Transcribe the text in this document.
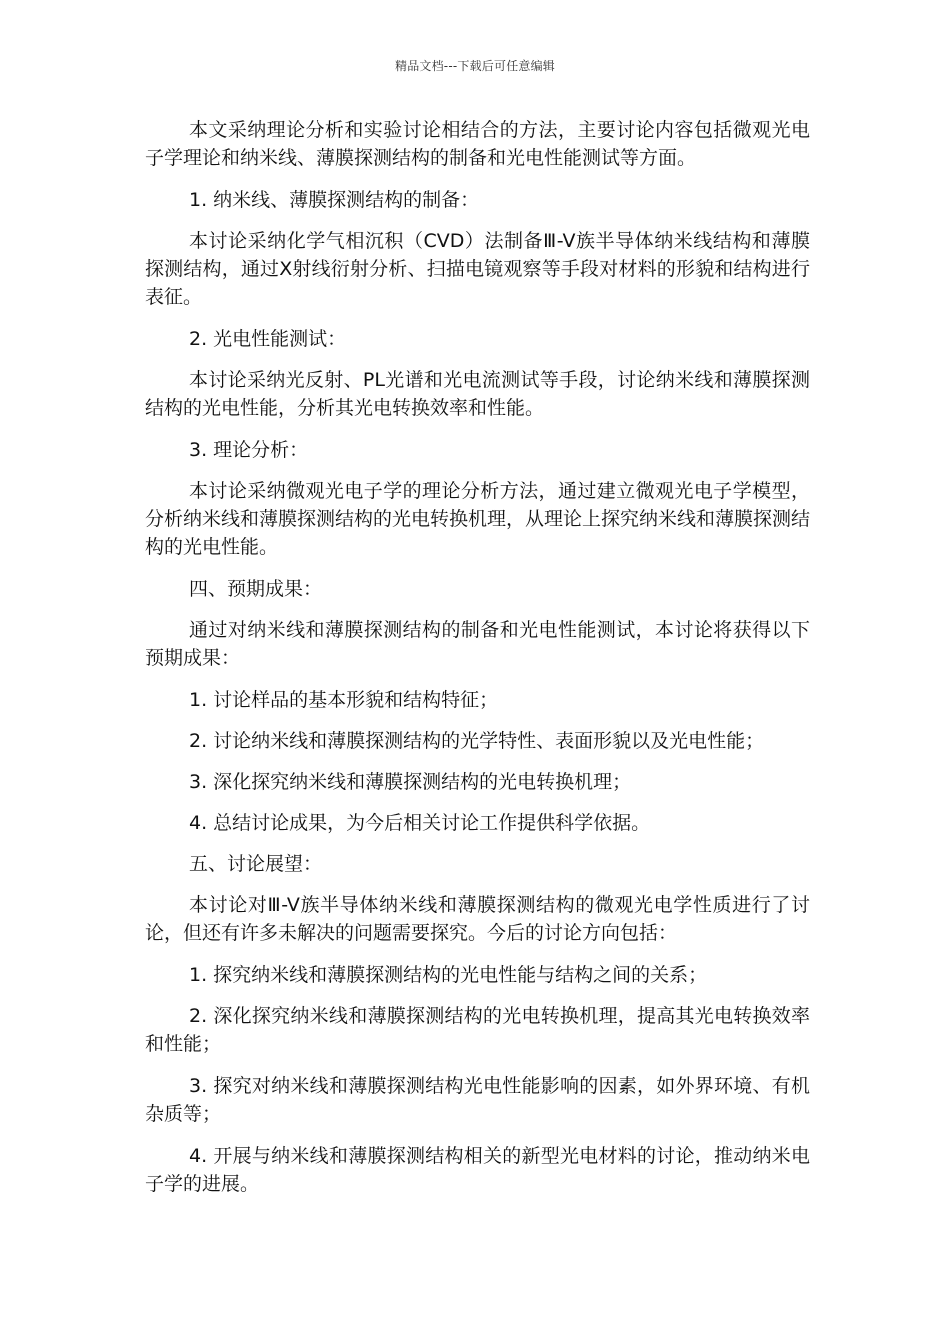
精品文档---下载后可任意编辑

本文采纳理论分析和实验讨论相结合的方法，主要讨论内容包括微观光电子学理论和纳米线、薄膜探测结构的制备和光电性能测试等方面。

1. 纳米线、薄膜探测结构的制备：

本讨论采纳化学气相沉积（CVD）法制备Ⅲ-V族半导体纳米线结构和薄膜探测结构，通过X射线衍射分析、扫描电镜观察等手段对材料的形貌和结构进行表征。

2. 光电性能测试：

本讨论采纳光反射、PL光谱和光电流测试等手段，讨论纳米线和薄膜探测结构的光电性能，分析其光电转换效率和性能。

3. 理论分析：

本讨论采纳微观光电子学的理论分析方法，通过建立微观光电子学模型，分析纳米线和薄膜探测结构的光电转换机理，从理论上探究纳米线和薄膜探测结构的光电性能。

四、预期成果：

通过对纳米线和薄膜探测结构的制备和光电性能测试，本讨论将获得以下预期成果：

1. 讨论样品的基本形貌和结构特征；

2. 讨论纳米线和薄膜探测结构的光学特性、表面形貌以及光电性能；

3. 深化探究纳米线和薄膜探测结构的光电转换机理；

4. 总结讨论成果，为今后相关讨论工作提供科学依据。

五、讨论展望：

本讨论对Ⅲ-V族半导体纳米线和薄膜探测结构的微观光电学性质进行了讨论，但还有许多未解决的问题需要探究。今后的讨论方向包括：

1. 探究纳米线和薄膜探测结构的光电性能与结构之间的关系；

2. 深化探究纳米线和薄膜探测结构的光电转换机理，提高其光电转换效率和性能；

3. 探究对纳米线和薄膜探测结构光电性能影响的因素，如外界环境、有机杂质等；

4. 开展与纳米线和薄膜探测结构相关的新型光电材料的讨论，推动纳米电子学的进展。
